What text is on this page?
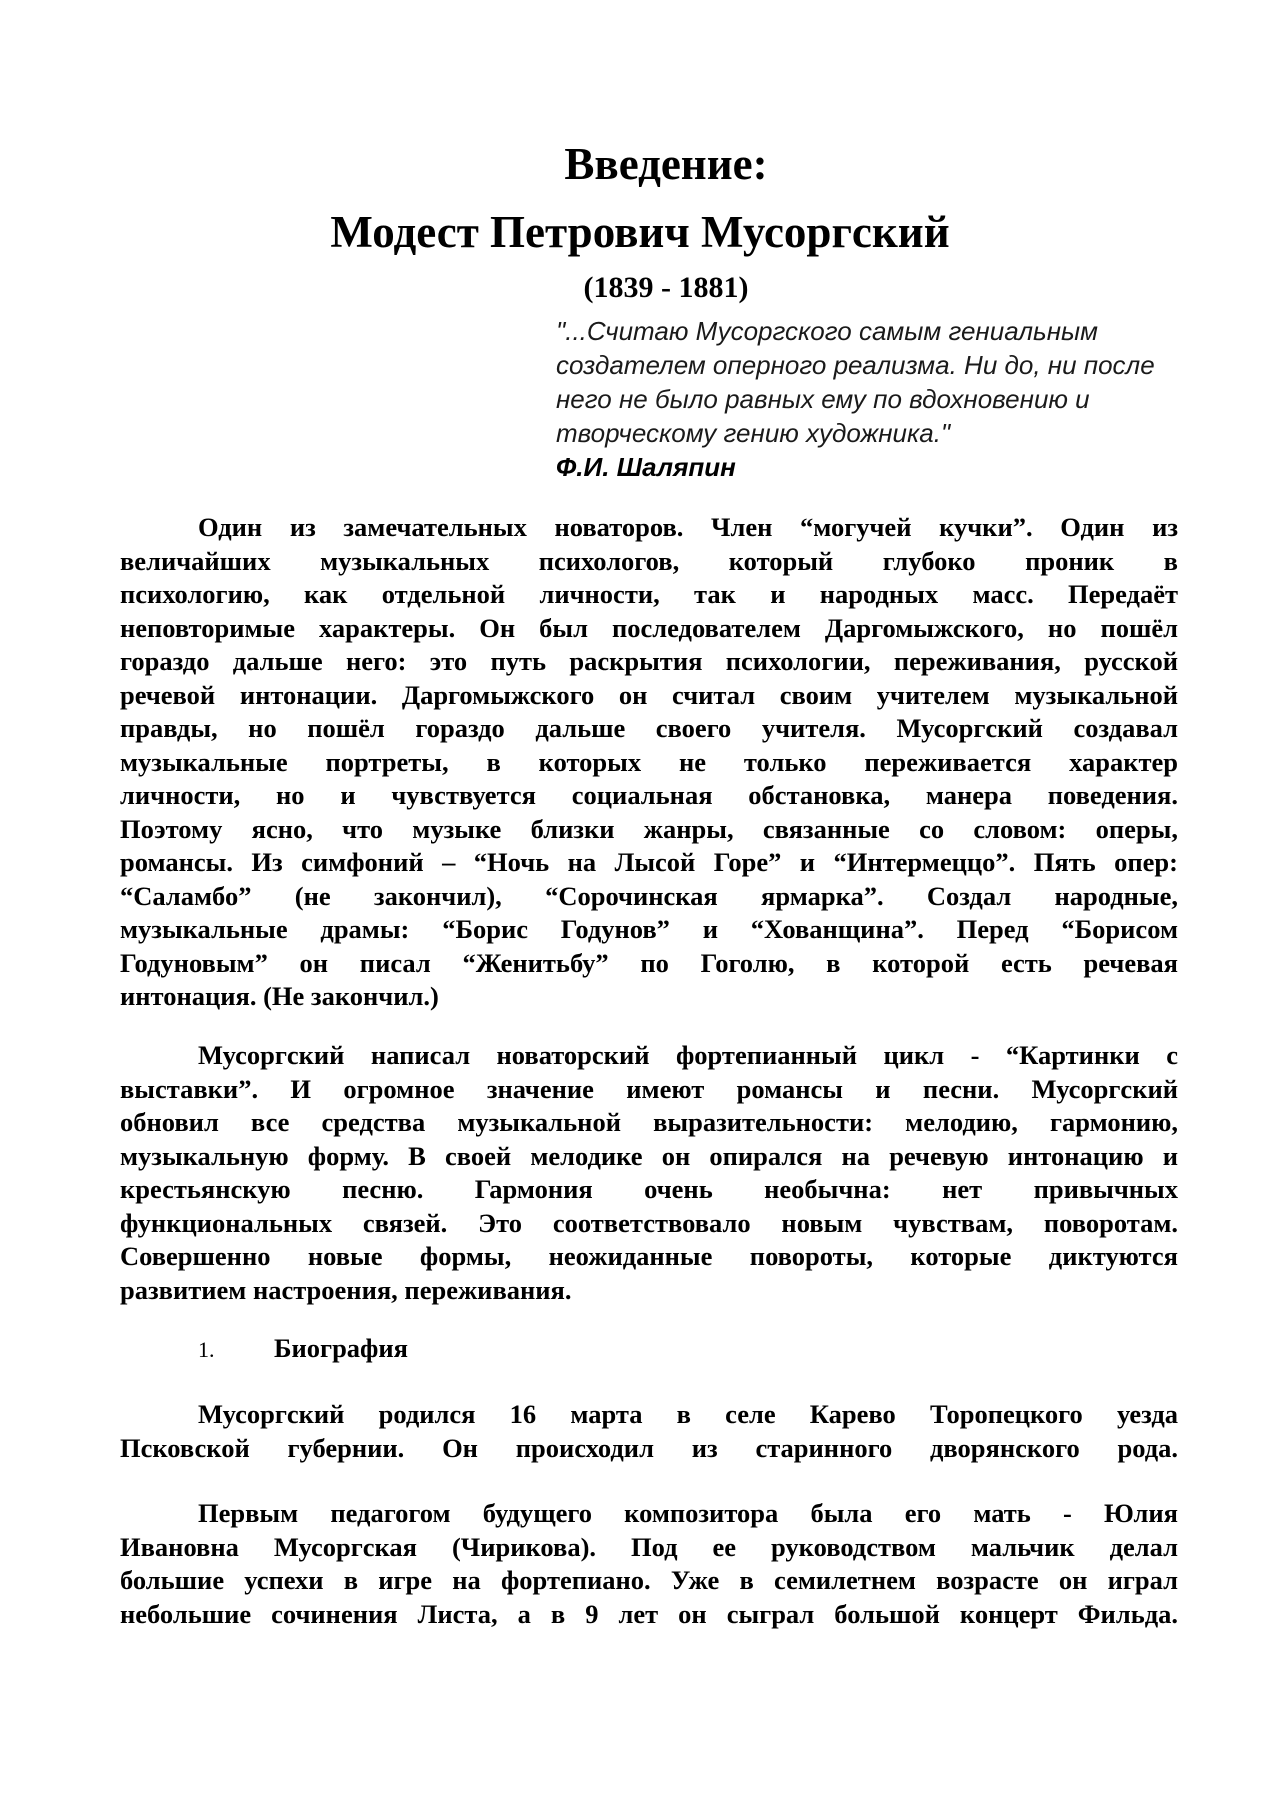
Введение:
Модест Петрович Мусоргский
(1839 - 1881)
"...Считаю Мусоргского самым гениальным
создателем оперного реализма. Ни до, ни после
него не было равных ему по вдохновению и
творческому гению художника."
Ф.И. Шаляпин
Один из замечательных новаторов. Член “могучей кучки”. Один из
величайших музыкальных психологов, который глубоко проник в
психологию, как отдельной личности, так и народных масс. Передаёт
неповторимые характеры. Он был последователем Даргомыжского, но пошёл
гораздо дальше него: это путь раскрытия психологии, переживания, русской
речевой интонации. Даргомыжского он считал своим учителем музыкальной
правды, но пошёл гораздо дальше своего учителя. Мусоргский создавал
музыкальные портреты, в которых не только переживается характер
личности, но и чувствуется социальная обстановка, манера поведения.
Поэтому ясно, что музыке близки жанры, связанные со словом: оперы,
романсы. Из симфоний – “Ночь на Лысой Горе” и “Интермеццо”. Пять опер:
“Саламбо” (не закончил), “Сорочинская ярмарка”. Создал народные,
музыкальные драмы: “Борис Годунов” и “Хованщина”. Перед “Борисом
Годуновым” он писал “Женитьбу” по Гоголю, в которой есть речевая
интонация. (Не закончил.)
Мусоргский написал новаторский фортепианный цикл - “Картинки с
выставки”. И огромное значение имеют романсы и песни. Мусоргский
обновил все средства музыкальной выразительности: мелодию, гармонию,
музыкальную форму. В своей мелодике он опирался на речевую интонацию и
крестьянскую песню. Гармония очень необычна: нет привычных
функциональных связей. Это соответствовало новым чувствам, поворотам.
Совершенно новые формы, неожиданные повороты, которые диктуются
развитием настроения, переживания.
1. Биография
Мусоргский родился 16 марта в селе Карево Торопецкого уезда
Псковской губернии. Он происходил из старинного дворянского рода.
Первым педагогом будущего композитора была его мать - Юлия
Ивановна Мусоргская (Чирикова). Под ее руководством мальчик делал
большие успехи в игре на фортепиано. Уже в семилетнем возрасте он играл
небольшие сочинения Листа, а в 9 лет он сыграл большой концерт Фильда.
